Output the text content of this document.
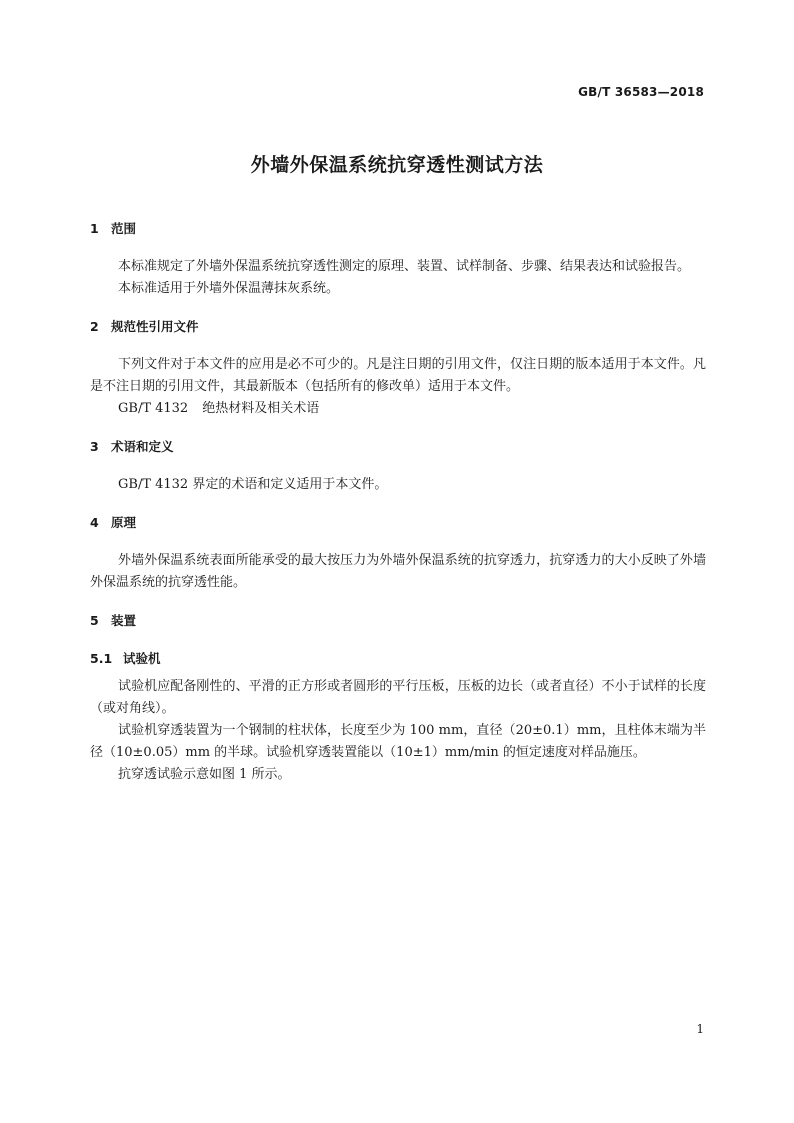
GB/T 36583—2018
外墙外保温系统抗穿透性测试方法
1 范围

本标准规定了外墙外保温系统抗穿透性测定的原理、装置、试样制备、步骤、结果表达和试验报告。

本标准适用于外墙外保温薄抹灰系统。

2 规范性引用文件

下列文件对于本文件的应用是必不可少的。凡是注日期的引用文件，仅注日期的版本适用于本文件。凡是不注日期的引用文件，其最新版本（包括所有的修改单）适用于本文件。

GB/T 4132 绝热材料及相关术语
3 术语和定义

GB/T 4132 界定的术语和定义适用于本文件。

4 原理

外墙外保温系统表面所能承受的最大按压力为外墙外保温系统的抗穿透力，抗穿透力的大小反映了外墙外保温系统的抗穿透性能。

5 装置
5.1 试验机

试验机应配备刚性的、平滑的正方形或者圆形的平行压板，压板的边长（或者直径）不小于试样的长度（或对角线）。

试验机穿透装置为一个钢制的柱状体，长度至少为 100 mm，直径（20±0.1）mm，且柱体末端为半径（10±0.05）mm 的半球。试验机穿透装置能以（10±1）mm/min 的恒定速度对样品施压。

抗穿透试验示意如图 1 所示。

1
